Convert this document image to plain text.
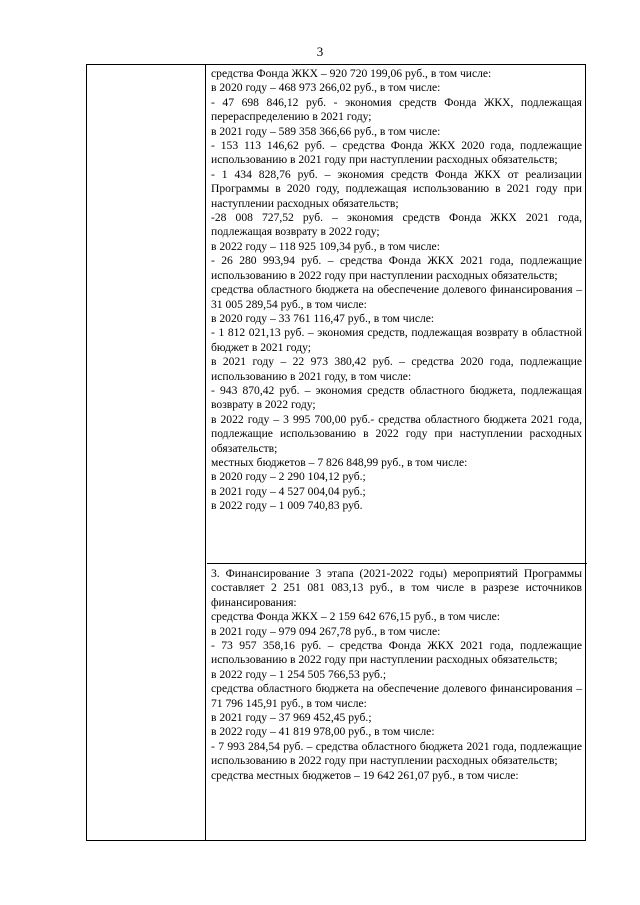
3

средства Фонда ЖКХ – 920 720 199,06 руб., в том числе:

в 2020 году – 468 973 266,02 руб., в том числе:

- 47 698 846,12 руб. - экономия средств Фонда ЖКХ, подлежащая перераспределению в 2021 году;

в 2021 году – 589 358 366,66 руб., в том числе:

- 153 113 146,62 руб. – средства Фонда ЖКХ 2020 года, подлежащие использованию в 2021 году при наступлении расходных обязательств;

- 1 434 828,76 руб. – экономия средств Фонда ЖКХ от реализации Программы в 2020 году, подлежащая использованию в 2021 году при наступлении расходных обязательств;

-28 008 727,52 руб. – экономия средств Фонда ЖКХ 2021 года, подлежащая возврату в 2022 году;

в 2022 году – 118 925 109,34 руб., в том числе:

- 26 280 993,94 руб. – средства Фонда ЖКХ 2021 года, подлежащие использованию в 2022 году при наступлении расходных обязательств;

средства областного бюджета на обеспечение долевого финансирования – 31 005 289,54 руб., в том числе:

в 2020 году – 33 761 116,47 руб., в том числе:

- 1 812 021,13 руб. – экономия средств, подлежащая возврату в областной бюджет в 2021 году;

в 2021 году – 22 973 380,42 руб. – средства 2020 года, подлежащие использованию в 2021 году, в том числе:

- 943 870,42 руб. – экономия средств областного бюджета, подлежащая возврату в 2022 году;

в 2022 году – 3 995 700,00 руб.- средства областного бюджета 2021 года, подлежащие использованию в 2022 году при наступлении расходных обязательств;

местных бюджетов – 7 826 848,99 руб., в том числе:

в 2020 году – 2 290 104,12 руб.;

в 2021 году – 4 527 004,04 руб.;

в 2022 году – 1 009 740,83 руб.

3. Финансирование 3 этапа (2021-2022 годы) мероприятий Программы составляет 2 251 081 083,13 руб., в том числе в разрезе источников финансирования:

средства Фонда ЖКХ – 2 159 642 676,15 руб., в том числе:

в 2021 году – 979 094 267,78 руб., в том числе:

- 73 957 358,16 руб. – средства Фонда ЖКХ 2021 года, подлежащие использованию в 2022 году при наступлении расходных обязательств;

в 2022 году – 1 254 505 766,53 руб.;

средства областного бюджета на обеспечение долевого финансирования – 71 796 145,91 руб., в том числе:

в 2021 году – 37 969 452,45 руб.;

в 2022 году – 41 819 978,00 руб., в том числе:

- 7 993 284,54 руб. – средства областного бюджета 2021 года, подлежащие использованию в 2022 году при наступлении расходных обязательств;

средства местных бюджетов – 19 642 261,07 руб., в том числе:
